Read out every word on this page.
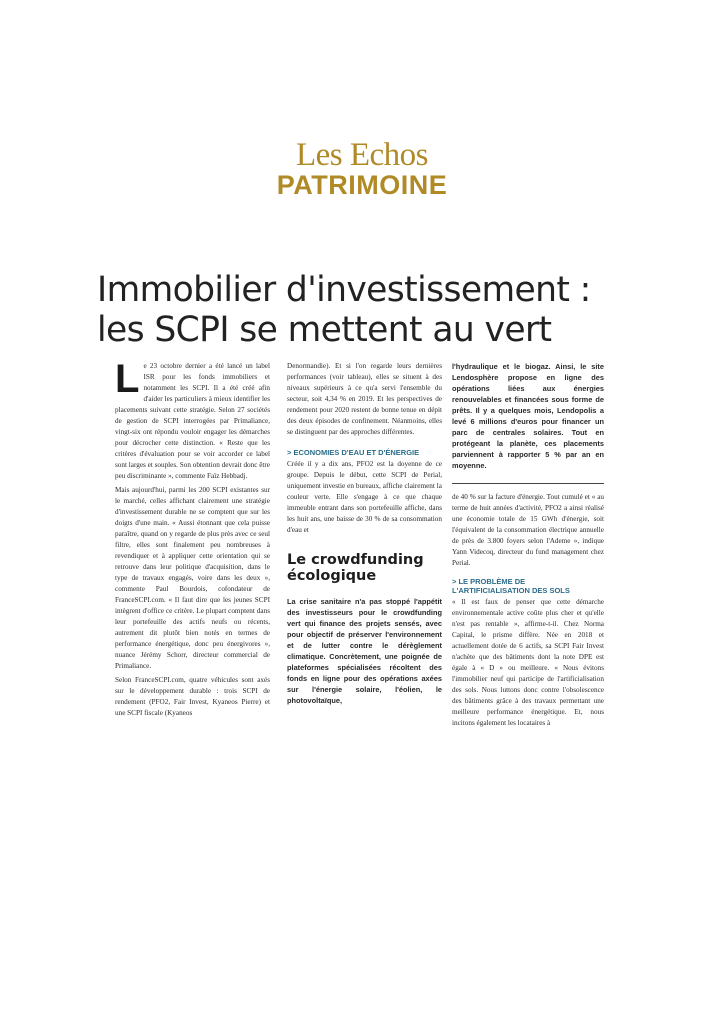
Les Echos
PATRIMOINE
Immobilier d'investissement :
les SCPI se mettent au vert
L e 23 octobre dernier a été lancé un label ISR pour les fonds immobiliers et notamment les SCPI. Il a été créé afin d'aider les particuliers à mieux identifier les placements suivant cette stratégie. Selon 27 sociétés de gestion de SCPI interrogées par Primaliance, vingt-six ont répondu vouloir engager les démarches pour décrocher cette distinction. « Reste que les critères d'évaluation pour se voir accorder ce label sont larges et souples. Son obtention devrait donc être peu discriminante », commente Faïz Hebbadj.

Mais aujourd'hui, parmi les 200 SCPI existantes sur le marché, celles affichant clairement une stratégie d'investissement durable ne se comptent que sur les doigts d'une main. « Aussi étonnant que cela puisse paraître, quand on y regarde de plus près avec ce seul filtre, elles sont finalement peu nombreuses à revendiquer et à appliquer cette orientation qui se retrouve dans leur politique d'acquisition, dans le type de travaux engagés, voire dans les deux », commente Paul Bourdois, cofondateur de FranceSCPI.com. « Il faut dire que les jeunes SCPI intègrent d'office ce critère. Le plupart comptent dans leur portefeuille des actifs neufs ou récents, autrement dit plutôt bien notés en termes de performance énergétique, donc peu énergivores », nuance Jérémy Schorr, directeur commercial de Primaliance.

Selon FranceSCPI.com, quatre véhicules sont axés sur le développement durable : trois SCPI de rendement (PFO2, Fair Invest, Kyaneos Pierre) et une SCPI fiscale (Kyaneos

Denormandie). Et si l'on regarde leurs dernières performances (voir tableau), elles se situent à des niveaux supérieurs à ce qu'a servi l'ensemble du secteur, soit 4,34 % en 2019. Et les perspectives de rendement pour 2020 restent de bonne tenue en dépit des deux épisodes de confinement. Néanmoins, elles se distinguent par des approches différentes.

> ECONOMIES D'EAU ET D'ÉNERGIE

Créée il y a dix ans, PFO2 est la doyenne de ce groupe. Depuis le début, cette SCPI de Perial, uniquement investie en bureaux, affiche clairement la couleur verte. Elle s'engage à ce que chaque immeuble entrant dans son portefeuille affiche, dans les huit ans, une baisse de 30 % de sa consommation d'eau et

Le crowdfunding écologique

La crise sanitaire n'a pas stoppé l'appétit des investisseurs pour le crowdfunding vert qui finance des projets sensés, avec pour objectif de préserver l'environnement et de lutter contre le dérèglement climatique. Concrètement, une poignée de plateformes spécialisées récoltent des fonds en ligne pour des opérations axées sur l'énergie solaire, l'éolien, le photovoltaïque,

l'hydraulique et le biogaz. Ainsi, le site Lendosphère propose en ligne des opérations liées aux énergies renouvelables et financées sous forme de prêts. Il y a quelques mois, Lendopolis a levé 6 millions d'euros pour financer un parc de centrales solaires. Tout en protégeant la planète, ces placements parviennent à rapporter 5 % par an en moyenne.

de 40 % sur la facture d'énergie. Tout cumulé et « au terme de huit années d'activité, PFO2 a ainsi réalisé une économie totale de 15 GWh d'énergie, soit l'équivalent de la consommation électrique annuelle de près de 3.800 foyers selon l'Ademe », indique Yann Videcoq, directeur du fund management chez Perial.

> LE PROBLÈME DE L'ARTIFICIALISATION DES SOLS

« Il est faux de penser que cette démarche environnementale active coûte plus cher et qu'elle n'est pas rentable », affirme-t-il. Chez Norma Capital, le prisme diffère. Née en 2018 et actuellement dotée de 6 actifs, sa SCPI Fair Invest n'achète que des bâtiments dont la note DPE est égale à « D » ou meilleure. « Nous évitons l'immobilier neuf qui participe de l'artificialisation des sols. Nous luttons donc contre l'obsolescence des bâtiments grâce à des travaux permettant une meilleure performance énergétique. Et, nous incitons également les locataires à
